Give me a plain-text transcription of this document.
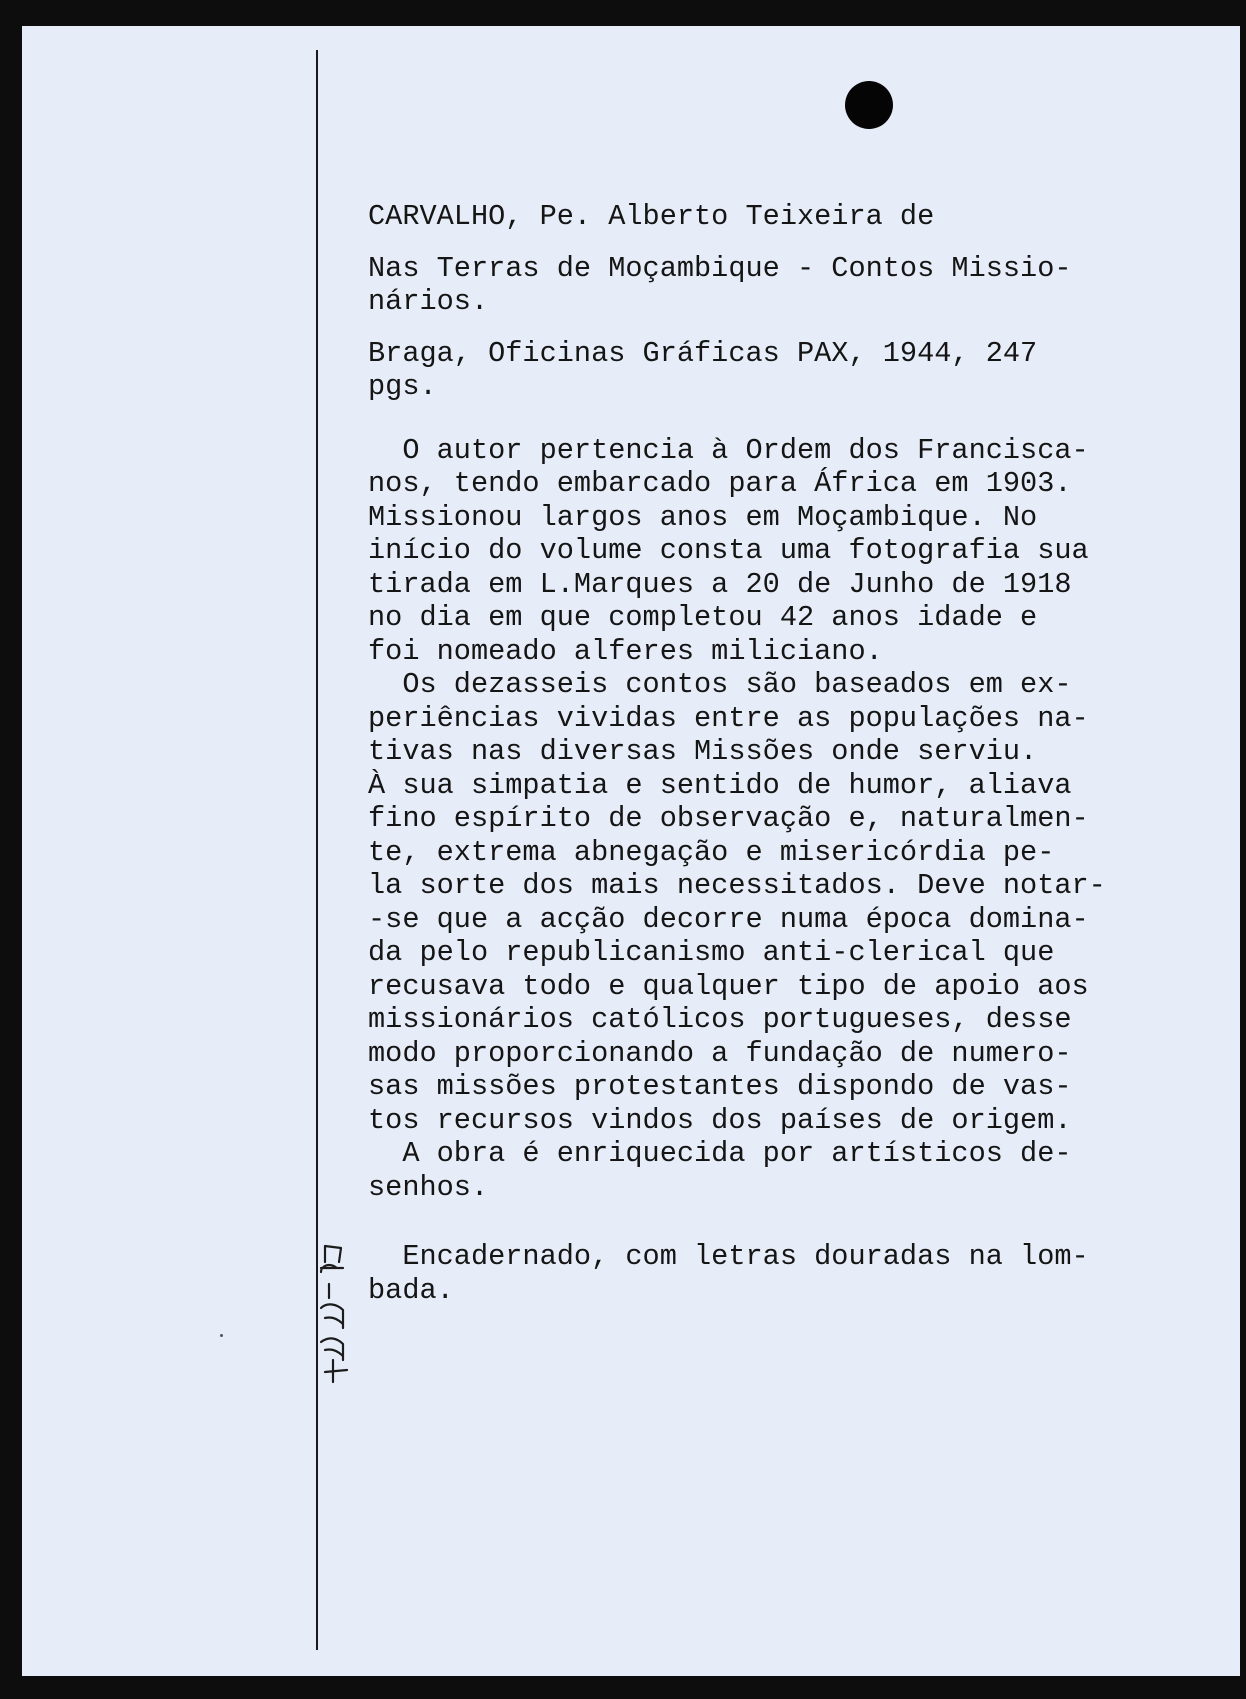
CARVALHO, Pe. Alberto Teixeira de
Nas Terras de Moçambique - Contos Missio-
nários.
Braga, Oficinas Gráficas PAX, 1944, 247
pgs.
O autor pertencia à Ordem dos Francisca-
nos, tendo embarcado para África em 1903.
Missionou largos anos em Moçambique. No
início do volume consta uma fotografia sua
tirada em L.Marques a 20 de Junho de 1918
no dia em que completou 42 anos idade e
foi nomeado alferes miliciano.
Os dezasseis contos são baseados em ex-
periências vividas entre as populações na-
tivas nas diversas Missões onde serviu.
À sua simpatia e sentido de humor, aliava
fino espírito de observação e, naturalmen-
te, extrema abnegação e misericórdia pe-
la sorte dos mais necessitados. Deve notar-
-se que a acção decorre numa época domina-
da pelo republicanismo anti-clerical que
recusava todo e qualquer tipo de apoio aos
missionários católicos portugueses, desse
modo proporcionando a fundação de numero-
sas missões protestantes dispondo de vas-
tos recursos vindos dos países de origem.
A obra é enriquecida por artísticos de-
senhos.
Encadernado, com letras douradas na lom-
bada.
